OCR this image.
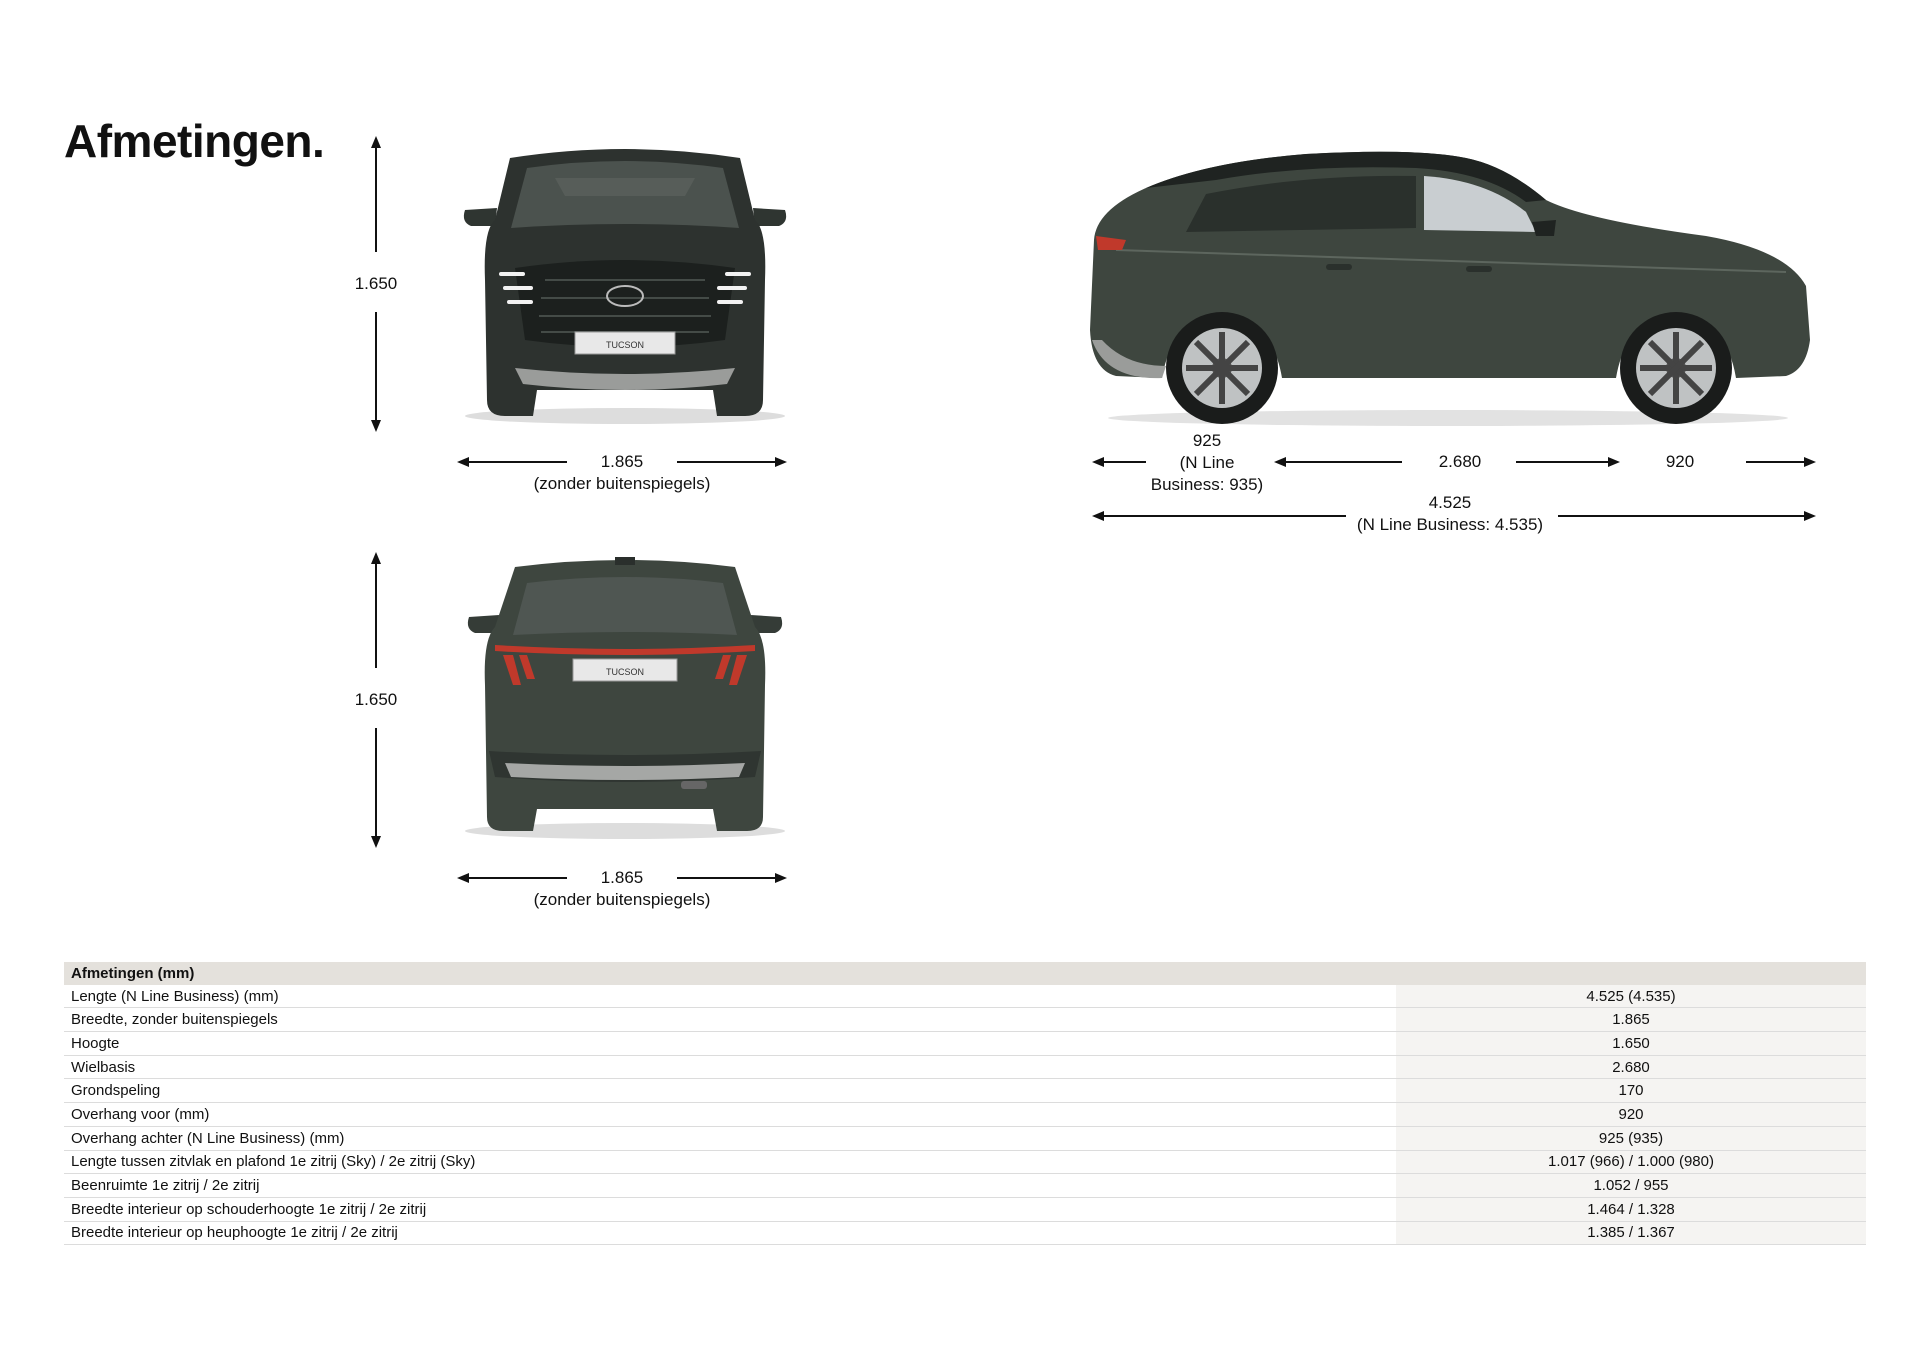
Afmetingen.
1.650
TUCSON
1.865
(zonder buitenspiegels)
1.650
TUCSON
1.865
(zonder buitenspiegels)
925
(N Line
Business: 935)
2.680	920
4.525
(N Line Business: 4.535)
Afmetingen (mm)	
Lengte (N Line Business) (mm)	4.525 (4.535)
Breedte, zonder buitenspiegels	1.865
Hoogte	1.650
Wielbasis	2.680
Grondspeling	170
Overhang voor (mm)	920
Overhang achter (N Line Business) (mm)	925 (935)
Lengte tussen zitvlak en plafond 1e zitrij (Sky) / 2e zitrij (Sky)	1.017 (966) / 1.000 (980)
Beenruimte 1e zitrij / 2e zitrij	1.052 / 955
Breedte interieur op schouderhoogte 1e zitrij / 2e zitrij	1.464 / 1.328
Breedte interieur op heuphoogte 1e zitrij / 2e zitrij	1.385 / 1.367
